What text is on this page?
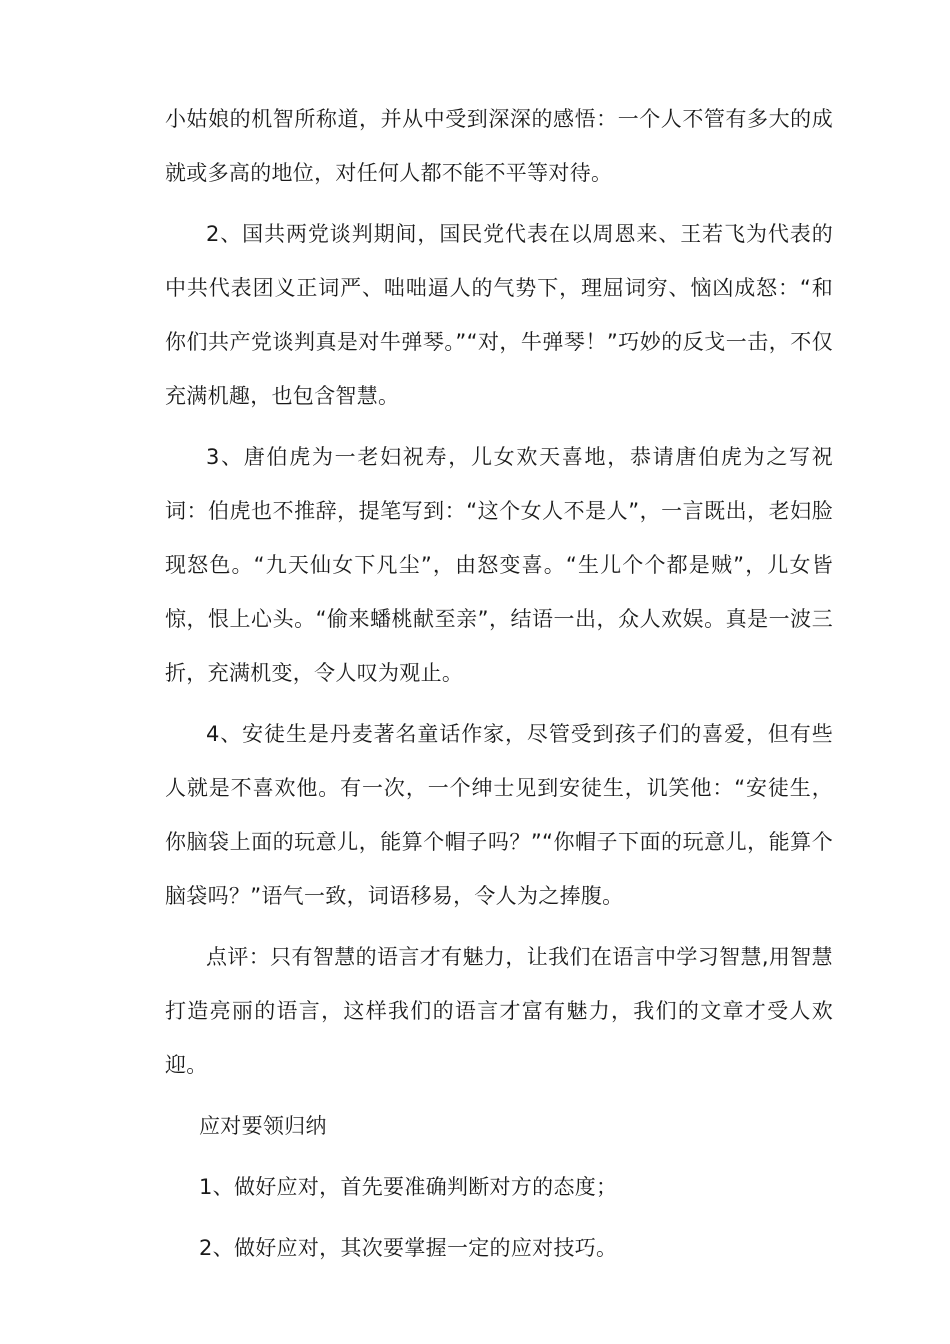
小姑娘的机智所称道，并从中受到深深的感悟：一个人不管有多大的成就或多高的地位，对任何人都不能不平等对待。

2、国共两党谈判期间，国民党代表在以周恩来、王若飞为代表的中共代表团义正词严、咄咄逼人的气势下，理屈词穷、恼凶成怒：“和你们共产党谈判真是对牛弹琴。”“对，牛弹琴！”巧妙的反戈一击，不仅充满机趣，也包含智慧。

3、唐伯虎为一老妇祝寿，儿女欢天喜地，恭请唐伯虎为之写祝词：伯虎也不推辞，提笔写到：“这个女人不是人”，一言既出，老妇脸现怒色。“九天仙女下凡尘”，由怒变喜。“生儿个个都是贼”，儿女皆惊，恨上心头。“偷来蟠桃献至亲”，结语一出，众人欢娱。真是一波三折，充满机变，令人叹为观止。

4、安徒生是丹麦著名童话作家，尽管受到孩子们的喜爱，但有些人就是不喜欢他。有一次，一个绅士见到安徒生，讥笑他：“安徒生，你脑袋上面的玩意儿，能算个帽子吗？”“你帽子下面的玩意儿，能算个脑袋吗？”语气一致，词语移易，令人为之捧腹。

点评：只有智慧的语言才有魅力，让我们在语言中学习智慧,用智慧打造亮丽的语言，这样我们的语言才富有魅力，我们的文章才受人欢迎。

应对要领归纳
1、做好应对，首先要准确判断对方的态度；
2、做好应对，其次要掌握一定的应对技巧。
